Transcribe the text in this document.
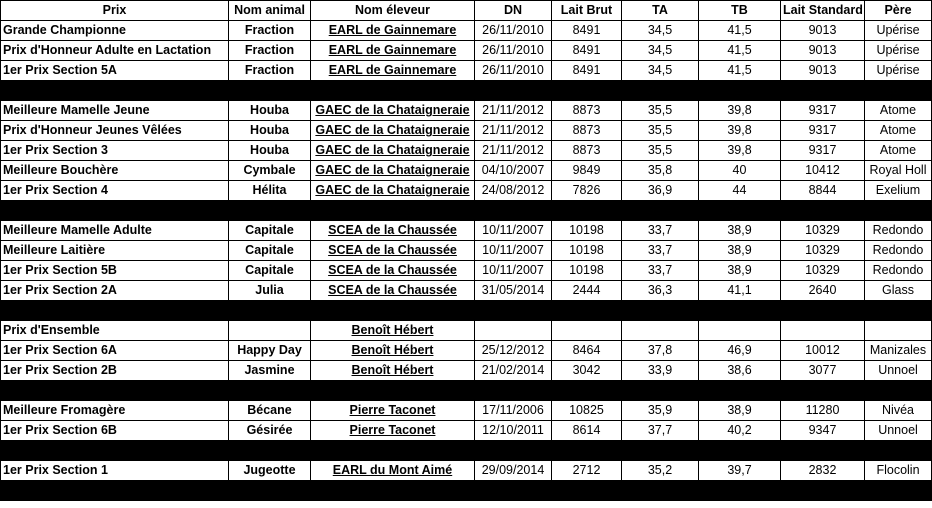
Prix	Nom animal	Nom éleveur	DN	Lait Brut	TA	TB	Lait Standard	Père
Grande Championne	Fraction	EARL de Gainnemare	26/11/2010	8491	34,5	41,5	9013	Upérise
Prix d'Honneur Adulte en Lactation	Fraction	EARL de Gainnemare	26/11/2010	8491	34,5	41,5	9013	Upérise
1er Prix Section 5A	Fraction	EARL de Gainnemare	26/11/2010	8491	34,5	41,5	9013	Upérise

Meilleure Mamelle Jeune	Houba	GAEC de la Chataigneraie	21/11/2012	8873	35,5	39,8	9317	Atome
Prix d'Honneur Jeunes Vêlées	Houba	GAEC de la Chataigneraie	21/11/2012	8873	35,5	39,8	9317	Atome
1er Prix Section 3	Houba	GAEC de la Chataigneraie	21/11/2012	8873	35,5	39,8	9317	Atome
Meilleure Bouchère	Cymbale	GAEC de la Chataigneraie	04/10/2007	9849	35,8	40	10412	Royal Holl
1er Prix Section 4	Hélita	GAEC de la Chataigneraie	24/08/2012	7826	36,9	44	8844	Exelium

Meilleure Mamelle Adulte	Capitale	SCEA de la Chaussée	10/11/2007	10198	33,7	38,9	10329	Redondo
Meilleure Laitière	Capitale	SCEA de la Chaussée	10/11/2007	10198	33,7	38,9	10329	Redondo
1er Prix Section 5B	Capitale	SCEA de la Chaussée	10/11/2007	10198	33,7	38,9	10329	Redondo
1er Prix Section 2A	Julia	SCEA de la Chaussée	31/05/2014	2444	36,3	41,1	2640	Glass

Prix d'Ensemble		Benoît Hébert						
1er Prix Section 6A	Happy Day	Benoît Hébert	25/12/2012	8464	37,8	46,9	10012	Manizales
1er Prix Section 2B	Jasmine	Benoît Hébert	21/02/2014	3042	33,9	38,6	3077	Unnoel

Meilleure Fromagère	Bécane	Pierre Taconet	17/11/2006	10825	35,9	38,9	11280	Nivéa
1er Prix Section 6B	Gésirée	Pierre Taconet	12/10/2011	8614	37,7	40,2	9347	Unnoel

1er Prix Section 1	Jugeotte	EARL du Mont Aimé	29/09/2014	2712	35,2	39,7	2832	Flocolin
